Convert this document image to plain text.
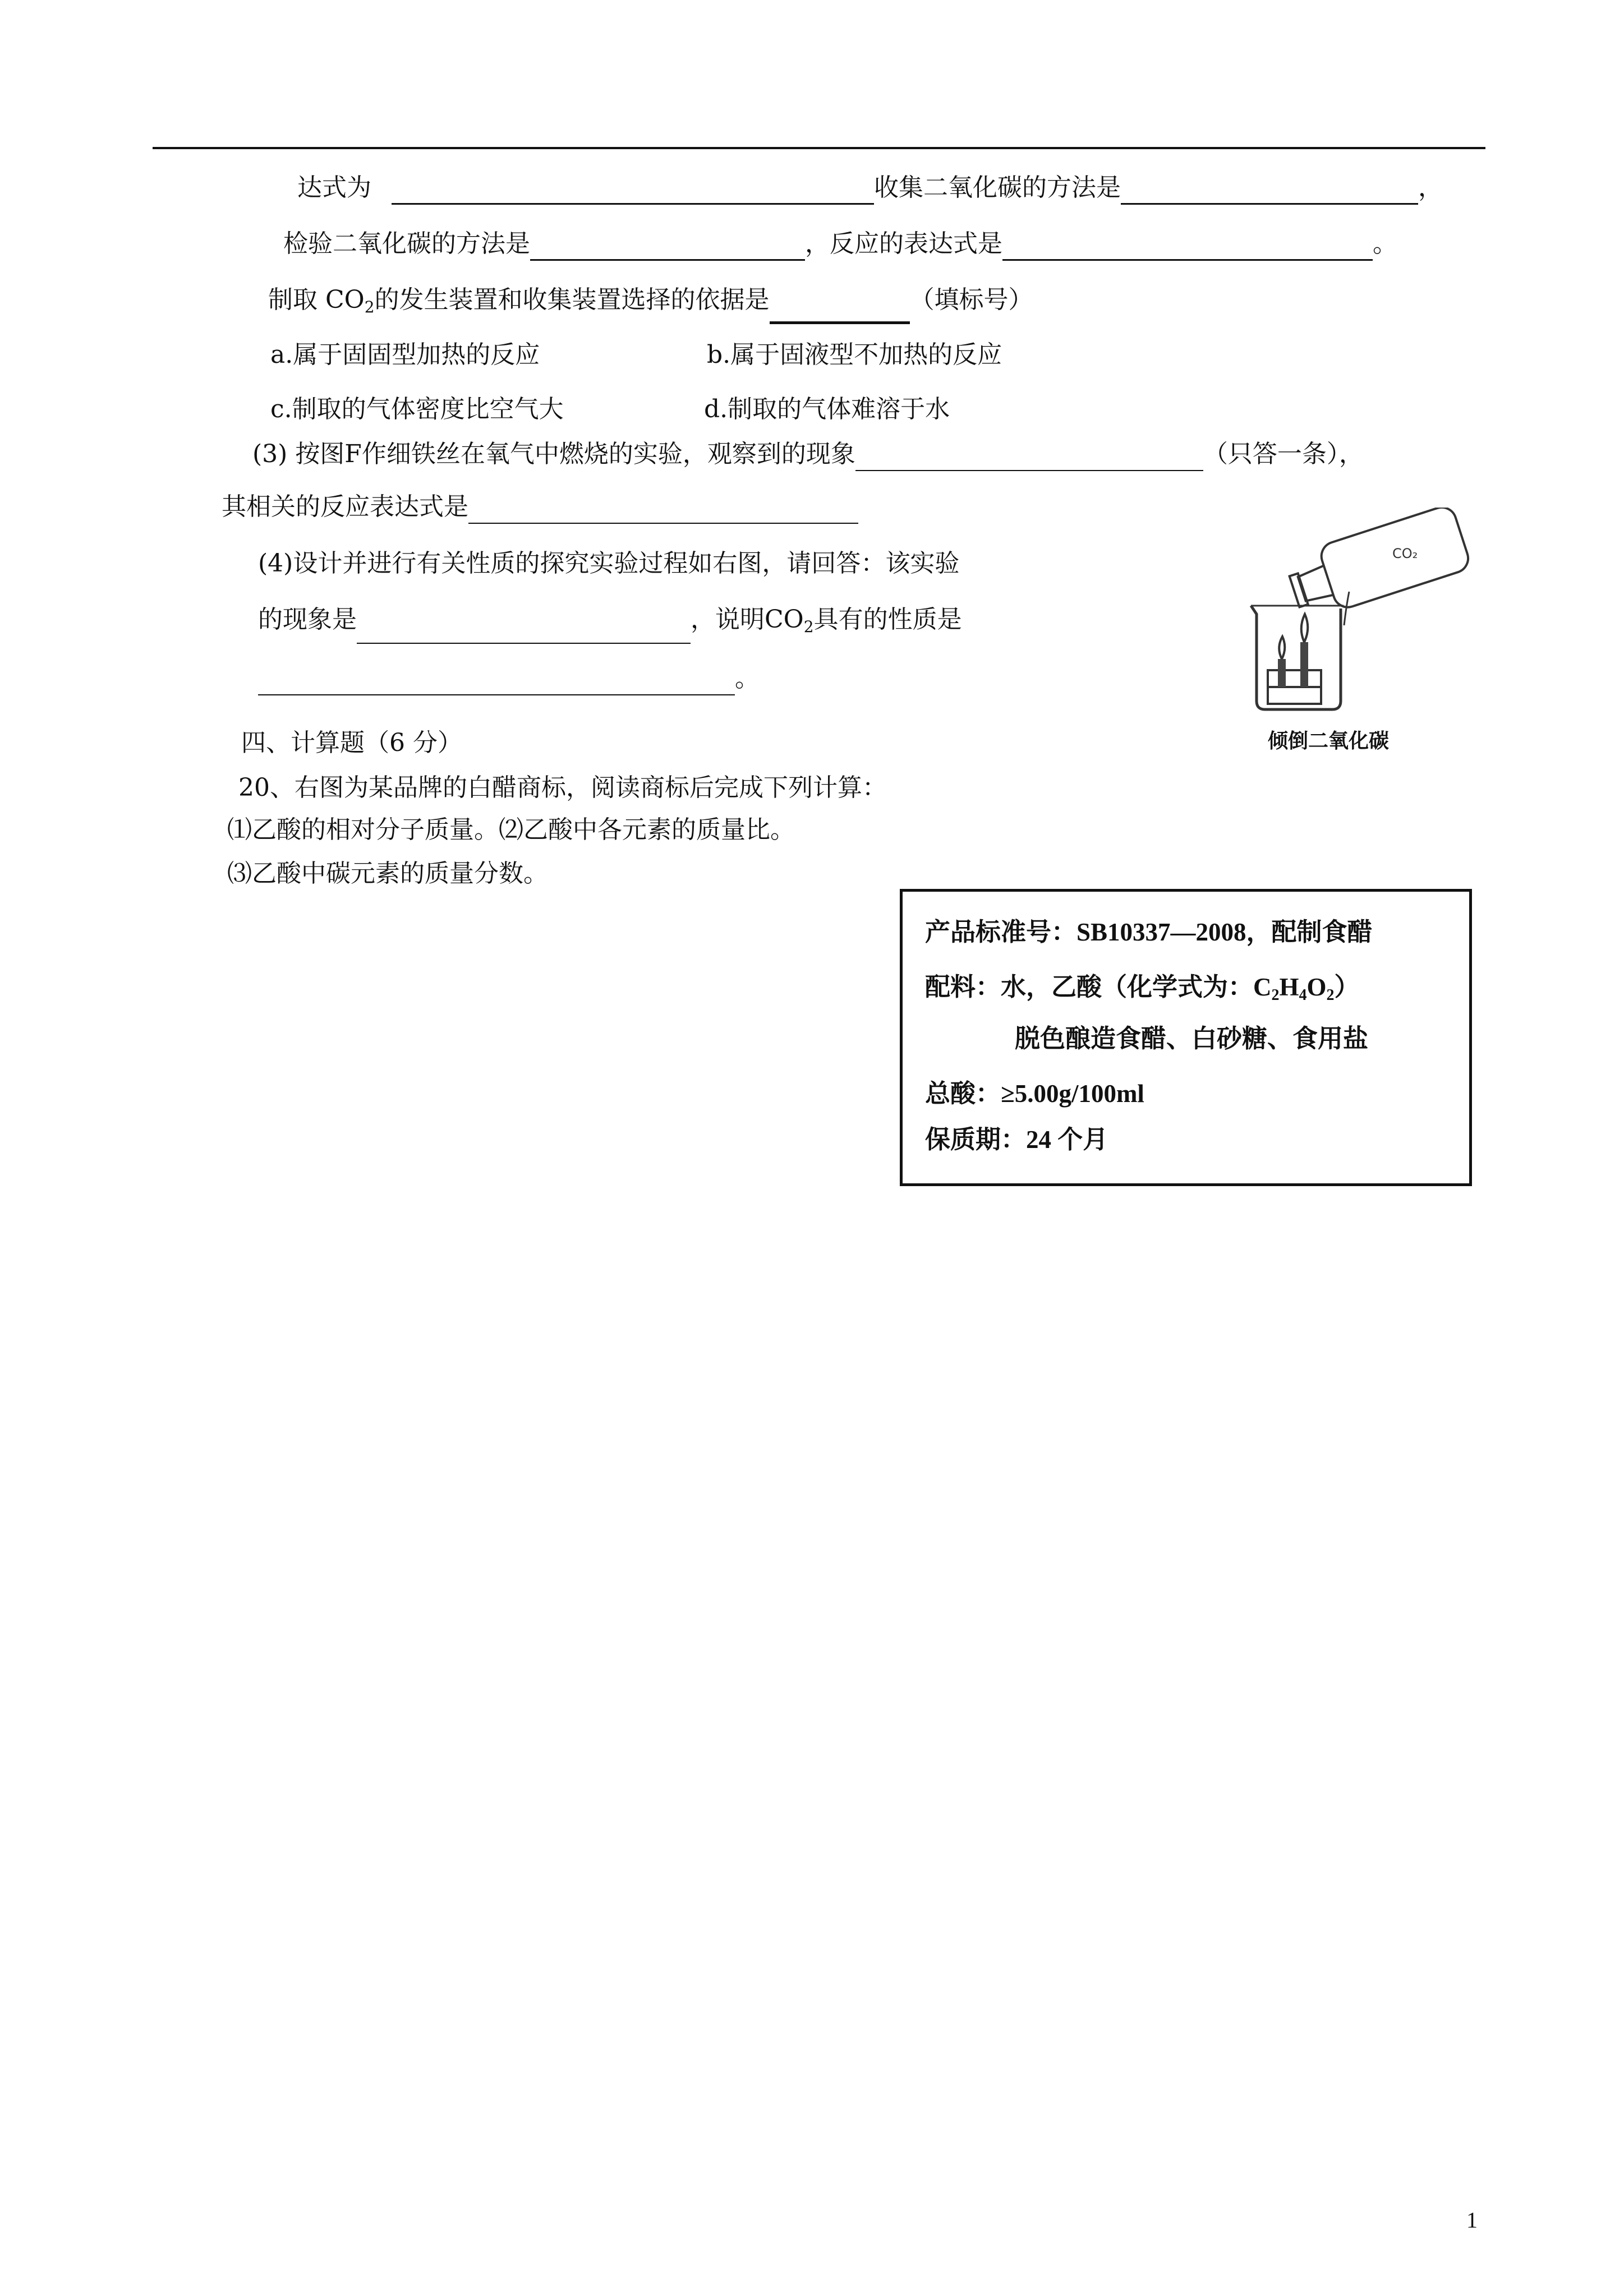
达式为	收集二氧化碳的方法是	，
检验二氧化碳的方法是	，反应的表达式是	。
制取 $CO_2$的发生装置和收集装置选择的依据是	（填标号）
a.属于固固型加热的反应	b.属于固液型不加热的反应
c.制取的气体密度比空气大	d.制取的气体难溶于水
(3) 按图F作细铁丝在氧气中燃烧的实验，观察到的现象	（只答一条），
其相关的反应表达式是
(4)设计并进行有关性质的探究实验过程如右图，请回答：该实验
的现象是	，说明$CO_2$具有的性质是
。
CO₂
倾倒二氧化碳
四、计算题（6 分）
20、右图为某品牌的白醋商标，阅读商标后完成下列计算：
⑴乙酸的相对分子质量。⑵乙酸中各元素的质量比。
⑶乙酸中碳元素的质量分数。
产品标准号：SB10337—2008，配制食醋
配料：水，乙酸（化学式为：$C_2H_4O_2$）
脱色酿造食醋、白砂糖、食用盐
总酸：≥5.00g/100ml
保质期：24 个月
1
